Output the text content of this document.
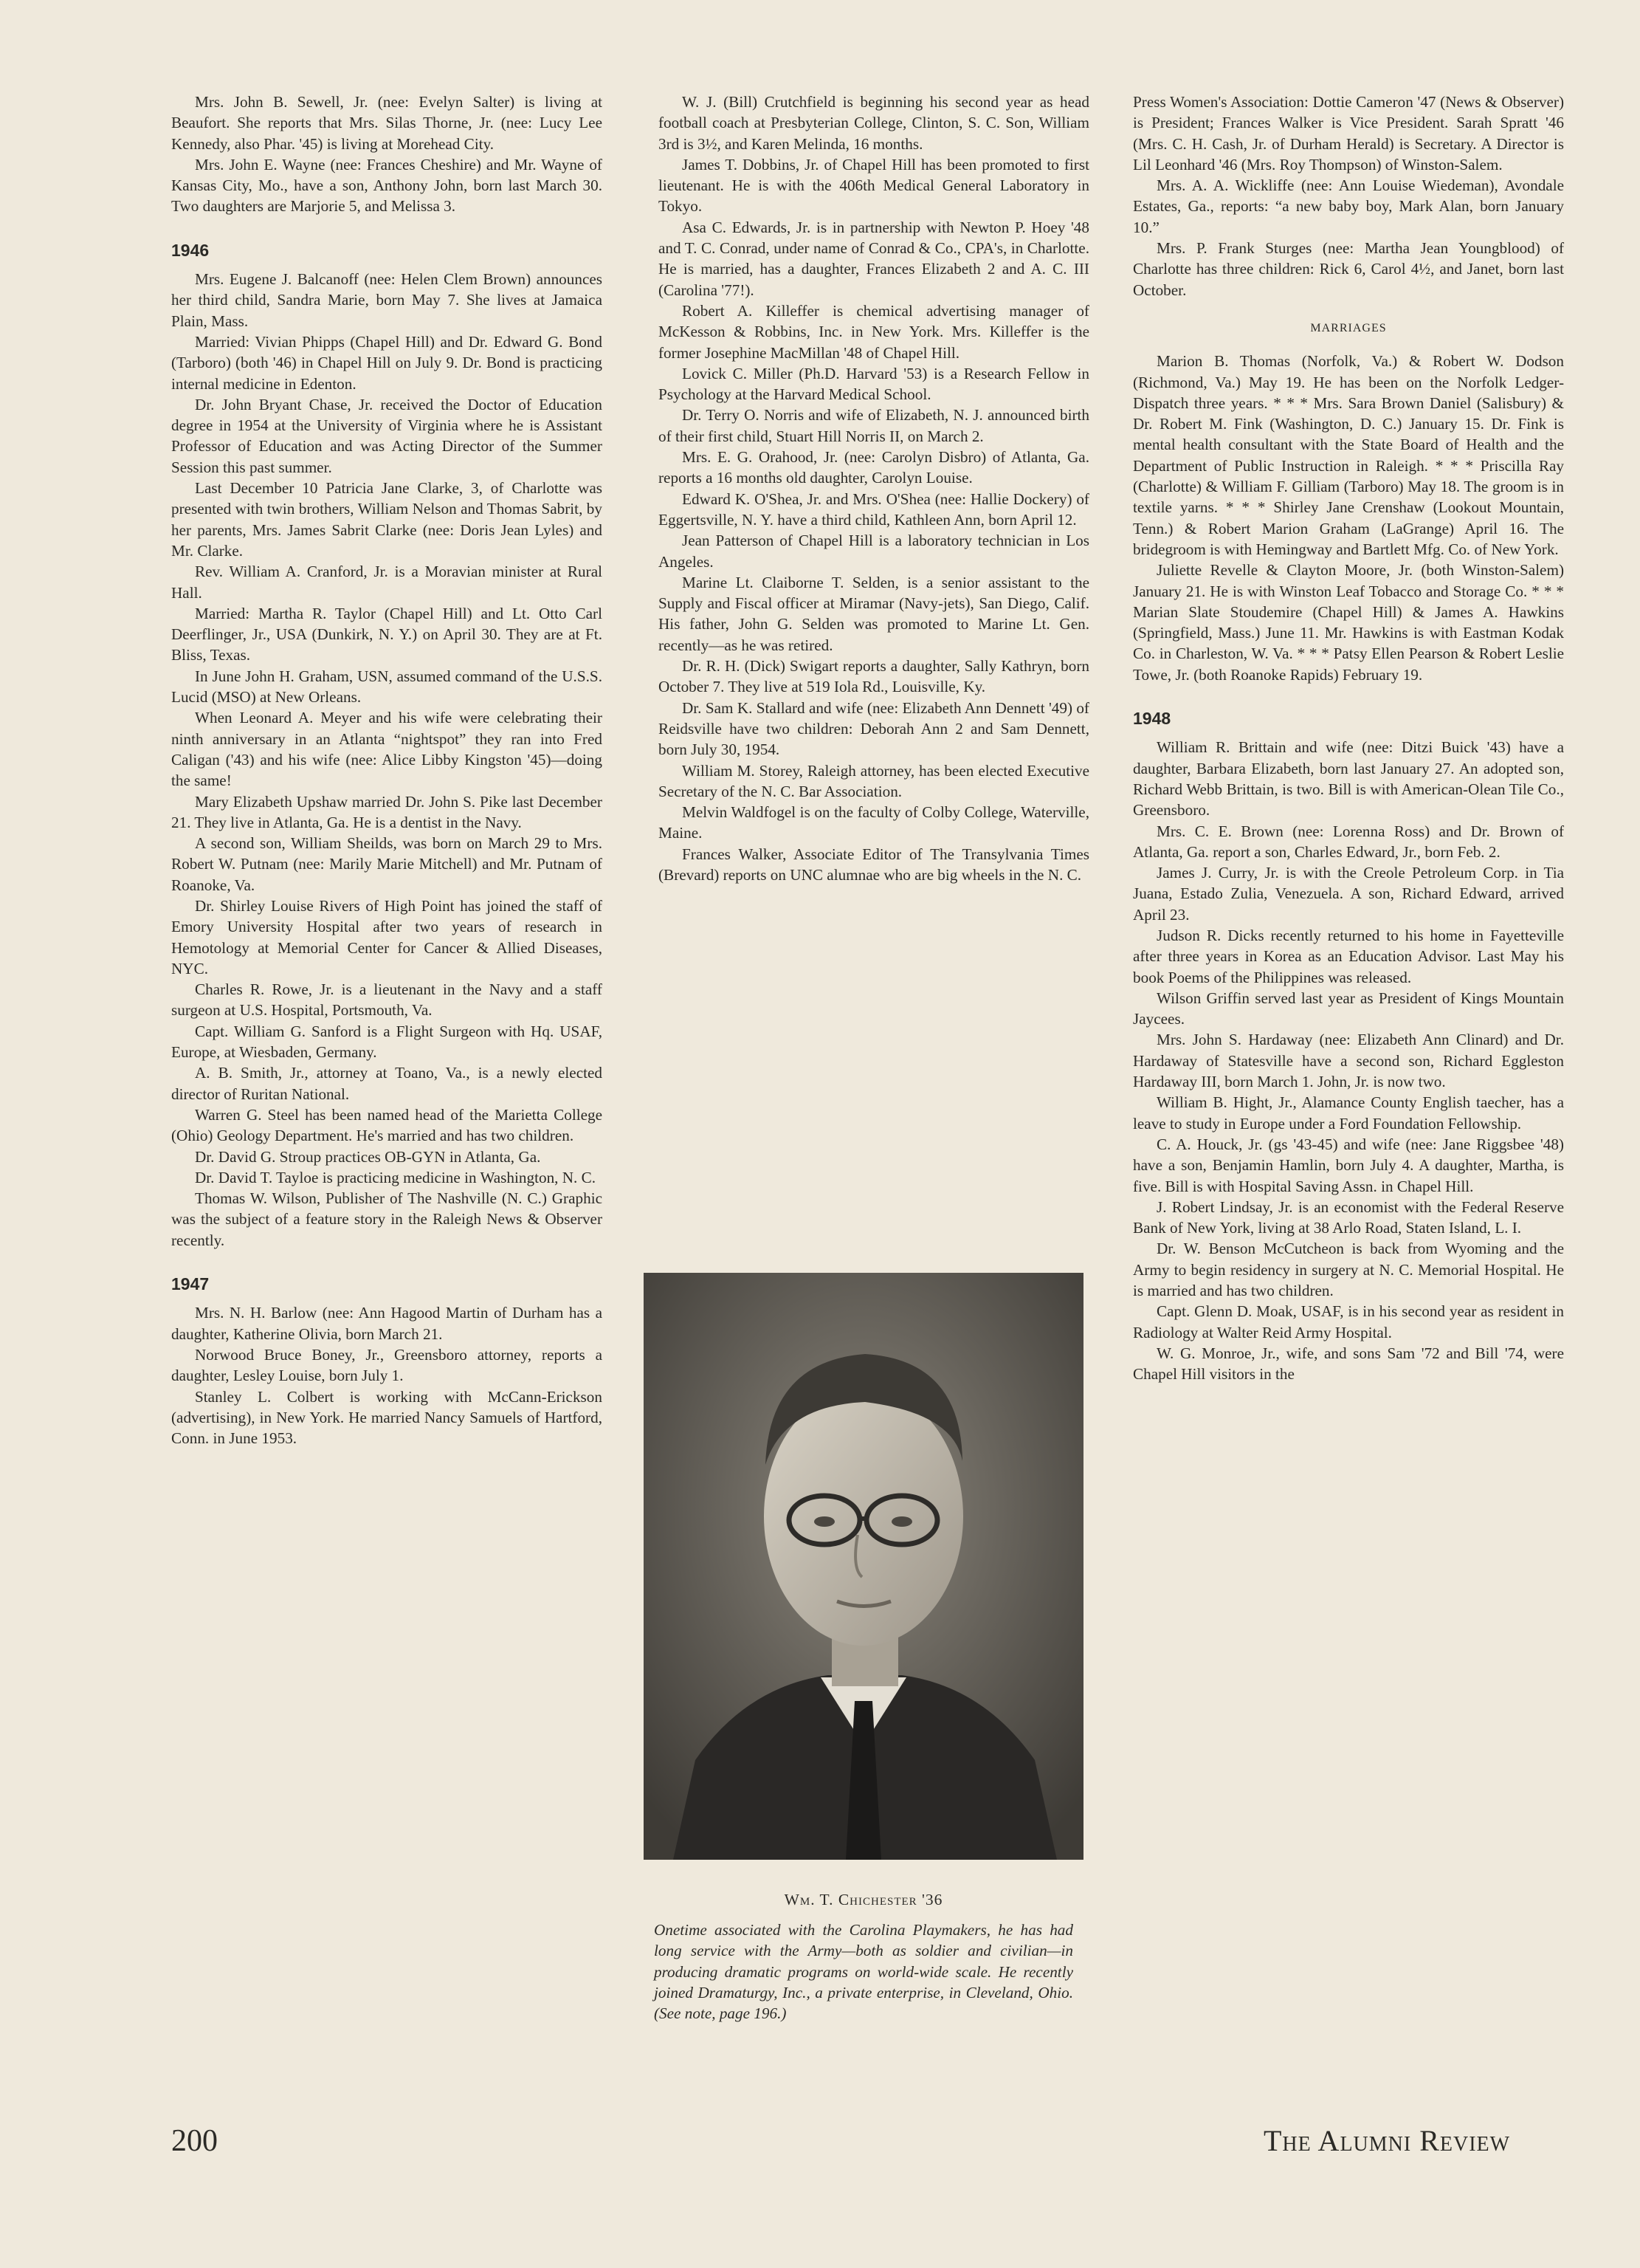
Mrs. John B. Sewell, Jr. (nee: Evelyn Salter) is living at Beaufort. She reports that Mrs. Silas Thorne, Jr. (nee: Lucy Lee Kennedy, also Phar. '45) is living at Morehead City.

Mrs. John E. Wayne (nee: Frances Cheshire) and Mr. Wayne of Kansas City, Mo., have a son, Anthony John, born last March 30. Two daughters are Marjorie 5, and Melissa 3.

1946

Mrs. Eugene J. Balcanoff (nee: Helen Clem Brown) announces her third child, Sandra Marie, born May 7. She lives at Jamaica Plain, Mass.

Married: Vivian Phipps (Chapel Hill) and Dr. Edward G. Bond (Tarboro) (both '46) in Chapel Hill on July 9. Dr. Bond is practicing internal medicine in Edenton.

Dr. John Bryant Chase, Jr. received the Doctor of Education degree in 1954 at the University of Virginia where he is Assistant Professor of Education and was Acting Director of the Summer Session this past summer.

Last December 10 Patricia Jane Clarke, 3, of Charlotte was presented with twin brothers, William Nelson and Thomas Sabrit, by her parents, Mrs. James Sabrit Clarke (nee: Doris Jean Lyles) and Mr. Clarke.

Rev. William A. Cranford, Jr. is a Moravian minister at Rural Hall.

Married: Martha R. Taylor (Chapel Hill) and Lt. Otto Carl Deerflinger, Jr., USA (Dunkirk, N. Y.) on April 30. They are at Ft. Bliss, Texas.

In June John H. Graham, USN, assumed command of the U.S.S. Lucid (MSO) at New Orleans.

When Leonard A. Meyer and his wife were celebrating their ninth anniversary in an Atlanta “nightspot” they ran into Fred Caligan ('43) and his wife (nee: Alice Libby Kingston '45)—doing the same!

Mary Elizabeth Upshaw married Dr. John S. Pike last December 21. They live in Atlanta, Ga. He is a dentist in the Navy.

A second son, William Sheilds, was born on March 29 to Mrs. Robert W. Putnam (nee: Marily Marie Mitchell) and Mr. Putnam of Roanoke, Va.

Dr. Shirley Louise Rivers of High Point has joined the staff of Emory University Hospital after two years of research in Hemotology at Memorial Center for Cancer & Allied Diseases, NYC.

Charles R. Rowe, Jr. is a lieutenant in the Navy and a staff surgeon at U.S. Hospital, Portsmouth, Va.

Capt. William G. Sanford is a Flight Surgeon with Hq. USAF, Europe, at Wiesbaden, Germany.

A. B. Smith, Jr., attorney at Toano, Va., is a newly elected director of Ruritan National.

Warren G. Steel has been named head of the Marietta College (Ohio) Geology Department. He's married and has two children.

Dr. David G. Stroup practices OB-GYN in Atlanta, Ga.

Dr. David T. Tayloe is practicing medicine in Washington, N. C.

Thomas W. Wilson, Publisher of The Nashville (N. C.) Graphic was the subject of a feature story in the Raleigh News & Observer recently.

1947

Mrs. N. H. Barlow (nee: Ann Hagood Martin of Durham has a daughter, Katherine Olivia, born March 21.

Norwood Bruce Boney, Jr., Greensboro attorney, reports a daughter, Lesley Louise, born July 1.

Stanley L. Colbert is working with McCann-Erickson (advertising), in New York. He married Nancy Samuels of Hartford, Conn. in June 1953.

W. J. (Bill) Crutchfield is beginning his second year as head football coach at Presbyterian College, Clinton, S. C. Son, William 3rd is 3½, and Karen Melinda, 16 months.

James T. Dobbins, Jr. of Chapel Hill has been promoted to first lieutenant. He is with the 406th Medical General Laboratory in Tokyo.

Asa C. Edwards, Jr. is in partnership with Newton P. Hoey '48 and T. C. Conrad, under name of Conrad & Co., CPA's, in Charlotte. He is married, has a daughter, Frances Elizabeth 2 and A. C. III (Carolina '77!).

Robert A. Killeffer is chemical advertising manager of McKesson & Robbins, Inc. in New York. Mrs. Killeffer is the former Josephine MacMillan '48 of Chapel Hill.

Lovick C. Miller (Ph.D. Harvard '53) is a Research Fellow in Psychology at the Harvard Medical School.

Dr. Terry O. Norris and wife of Elizabeth, N. J. announced birth of their first child, Stuart Hill Norris II, on March 2.

Mrs. E. G. Orahood, Jr. (nee: Carolyn Disbro) of Atlanta, Ga. reports a 16 months old daughter, Carolyn Louise.

Edward K. O'Shea, Jr. and Mrs. O'Shea (nee: Hallie Dockery) of Eggertsville, N. Y. have a third child, Kathleen Ann, born April 12.

Jean Patterson of Chapel Hill is a laboratory technician in Los Angeles.

Marine Lt. Claiborne T. Selden, is a senior assistant to the Supply and Fiscal officer at Miramar (Navy-jets), San Diego, Calif. His father, John G. Selden was promoted to Marine Lt. Gen. recently—as he was retired.

Dr. R. H. (Dick) Swigart reports a daughter, Sally Kathryn, born October 7. They live at 519 Iola Rd., Louisville, Ky.

Dr. Sam K. Stallard and wife (nee: Elizabeth Ann Dennett '49) of Reidsville have two children: Deborah Ann 2 and Sam Dennett, born July 30, 1954.

William M. Storey, Raleigh attorney, has been elected Executive Secretary of the N. C. Bar Association.

Melvin Waldfogel is on the faculty of Colby College, Waterville, Maine.

Frances Walker, Associate Editor of The Transylvania Times (Brevard) reports on UNC alumnae who are big wheels in the N. C.

Press Women's Association: Dottie Cameron '47 (News & Observer) is President; Frances Walker is Vice President. Sarah Spratt '46 (Mrs. C. H. Cash, Jr. of Durham Herald) is Secretary. A Director is Lil Leonhard '46 (Mrs. Roy Thompson) of Winston-Salem.

Mrs. A. A. Wickliffe (nee: Ann Louise Wiedeman), Avondale Estates, Ga., reports: “a new baby boy, Mark Alan, born January 10.”

Mrs. P. Frank Sturges (nee: Martha Jean Youngblood) of Charlotte has three children: Rick 6, Carol 4½, and Janet, born last October.

MARRIAGES

Marion B. Thomas (Norfolk, Va.) & Robert W. Dodson (Richmond, Va.) May 19. He has been on the Norfolk Ledger-Dispatch three years. * * * Mrs. Sara Brown Daniel (Salisbury) & Dr. Robert M. Fink (Washington, D. C.) January 15. Dr. Fink is mental health consultant with the State Board of Health and the Department of Public Instruction in Raleigh. * * * Priscilla Ray (Charlotte) & William F. Gilliam (Tarboro) May 18. The groom is in textile yarns. * * * Shirley Jane Crenshaw (Lookout Mountain, Tenn.) & Robert Marion Graham (LaGrange) April 16. The bridegroom is with Hemingway and Bartlett Mfg. Co. of New York.

Juliette Revelle & Clayton Moore, Jr. (both Winston-Salem) January 21. He is with Winston Leaf Tobacco and Storage Co. * * * Marian Slate Stoudemire (Chapel Hill) & James A. Hawkins (Springfield, Mass.) June 11. Mr. Hawkins is with Eastman Kodak Co. in Charleston, W. Va. * * * Patsy Ellen Pearson & Robert Leslie Towe, Jr. (both Roanoke Rapids) February 19.

1948

William R. Brittain and wife (nee: Ditzi Buick '43) have a daughter, Barbara Elizabeth, born last January 27. An adopted son, Richard Webb Brittain, is two. Bill is with American-Olean Tile Co., Greensboro.

Mrs. C. E. Brown (nee: Lorenna Ross) and Dr. Brown of Atlanta, Ga. report a son, Charles Edward, Jr., born Feb. 2.

James J. Curry, Jr. is with the Creole Petroleum Corp. in Tia Juana, Estado Zulia, Venezuela. A son, Richard Edward, arrived April 23.

Judson R. Dicks recently returned to his home in Fayetteville after three years in Korea as an Education Advisor. Last May his book Poems of the Philippines was released.

Wilson Griffin served last year as President of Kings Mountain Jaycees.

Mrs. John S. Hardaway (nee: Elizabeth Ann Clinard) and Dr. Hardaway of Statesville have a second son, Richard Eggleston Hardaway III, born March 1. John, Jr. is now two.

William B. Hight, Jr., Alamance County English taecher, has a leave to study in Europe under a Ford Foundation Fellowship.

C. A. Houck, Jr. (gs '43-45) and wife (nee: Jane Riggsbee '48) have a son, Benjamin Hamlin, born July 4. A daughter, Martha, is five. Bill is with Hospital Saving Assn. in Chapel Hill.

J. Robert Lindsay, Jr. is an economist with the Federal Reserve Bank of New York, living at 38 Arlo Road, Staten Island, L. I.

Dr. W. Benson McCutcheon is back from Wyoming and the Army to begin residency in surgery at N. C. Memorial Hospital. He is married and has two children.

Capt. Glenn D. Moak, USAF, is in his second year as resident in Radiology at Walter Reid Army Hospital.

W. G. Monroe, Jr., wife, and sons Sam '72 and Bill '74, were Chapel Hill visitors in the

Wm. T. Chichester '36
Onetime associated with the Carolina Playmakers, he has had long service with the Army—both as soldier and civilian—in producing dramatic programs on world-wide scale. He recently joined Dramaturgy, Inc., a private enterprise, in Cleveland, Ohio. (See note, page 196.)
200	The Alumni Review
